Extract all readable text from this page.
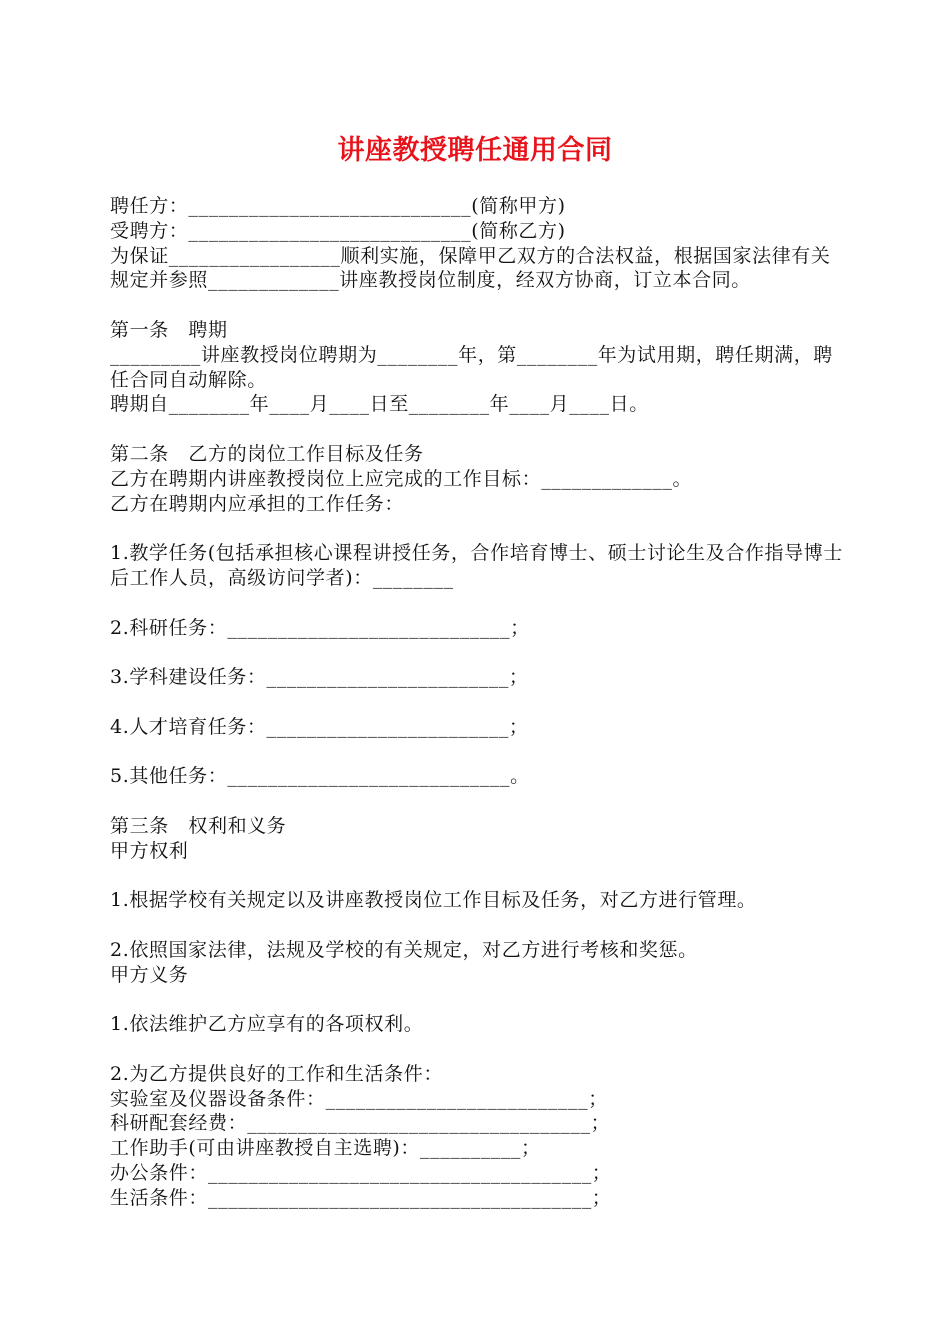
讲座教授聘任通用合同

聘任方：____________________________(简称甲方)

受聘方：____________________________(简称乙方)

为保证_________________顺利实施，保障甲乙双方的合法权益，根据国家法律有关规定并参照_____________讲座教授岗位制度，经双方协商，订立本合同。

第一条　聘期

_________讲座教授岗位聘期为________年，第________年为试用期，聘任期满，聘任合同自动解除。

聘期自________年____月____日至________年____月____日。

第二条　乙方的岗位工作目标及任务

乙方在聘期内讲座教授岗位上应完成的工作目标：_____________。

乙方在聘期内应承担的工作任务：

1.教学任务(包括承担核心课程讲授任务，合作培育博士、硕士讨论生及合作指导博士后工作人员，高级访问学者)：________

2.科研任务：____________________________；

3.学科建设任务：________________________；

4.人才培育任务：________________________；

5.其他任务：____________________________。

第三条　权利和义务

甲方权利

1.根据学校有关规定以及讲座教授岗位工作目标及任务，对乙方进行管理。

2.依照国家法律，法规及学校的有关规定，对乙方进行考核和奖惩。

甲方义务

1.依法维护乙方应享有的各项权利。

2.为乙方提供良好的工作和生活条件：

实验室及仪器设备条件：__________________________；

科研配套经费：__________________________________；

工作助手(可由讲座教授自主选聘)：__________；

办公条件：______________________________________；

生活条件：______________________________________；
